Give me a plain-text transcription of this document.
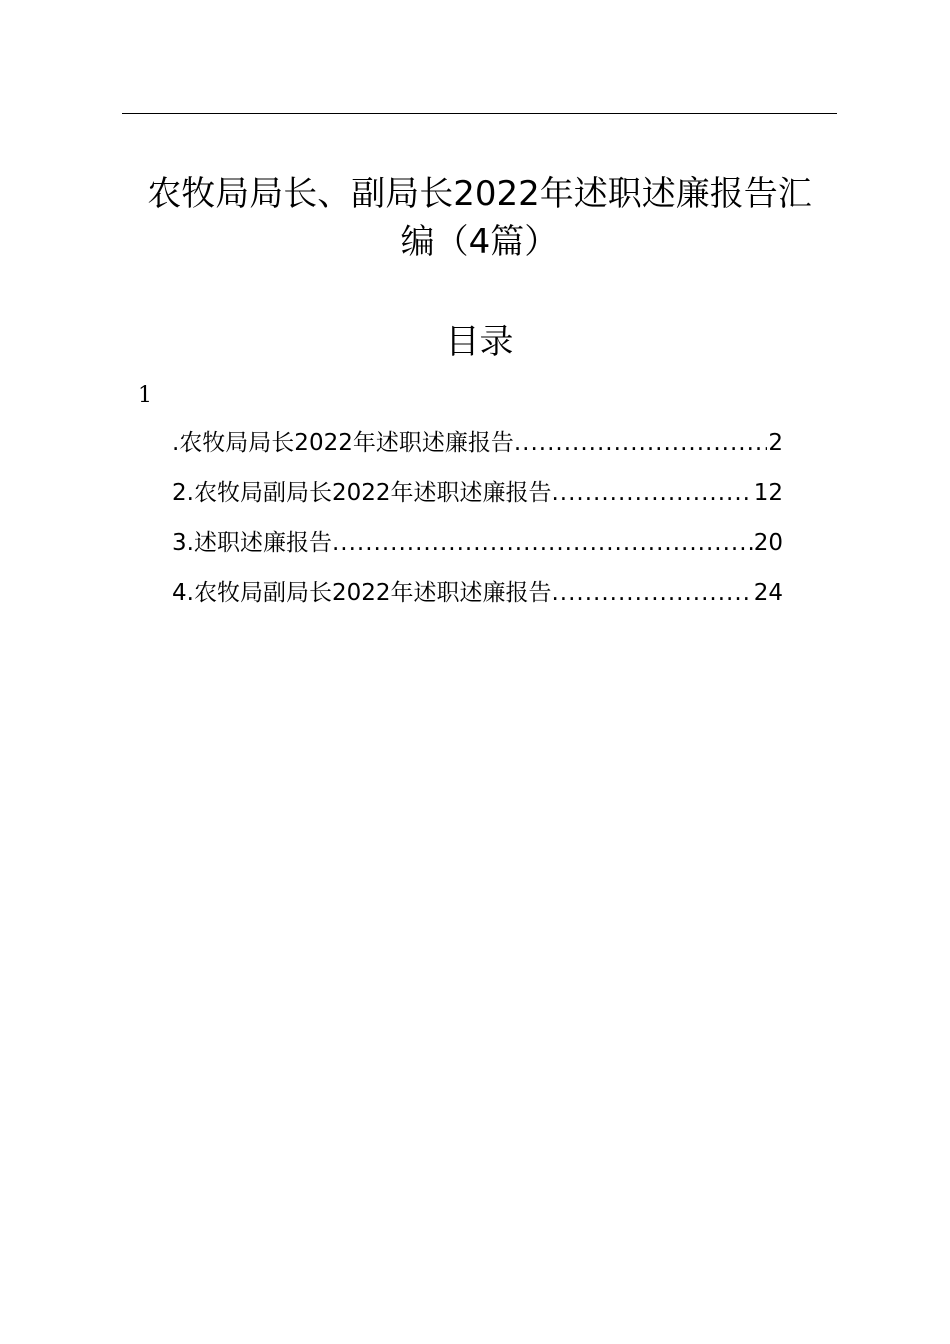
农牧局局长、副局长2022年述职述廉报告汇
编（4篇）
目录
1
.农牧局局长2022年述职述廉报告 .....	2
2.农牧局副局长2022年述职述廉报告 .....	12
3.述职述廉报告 .....	20
4.农牧局副局长2022年述职述廉报告 .....	24
